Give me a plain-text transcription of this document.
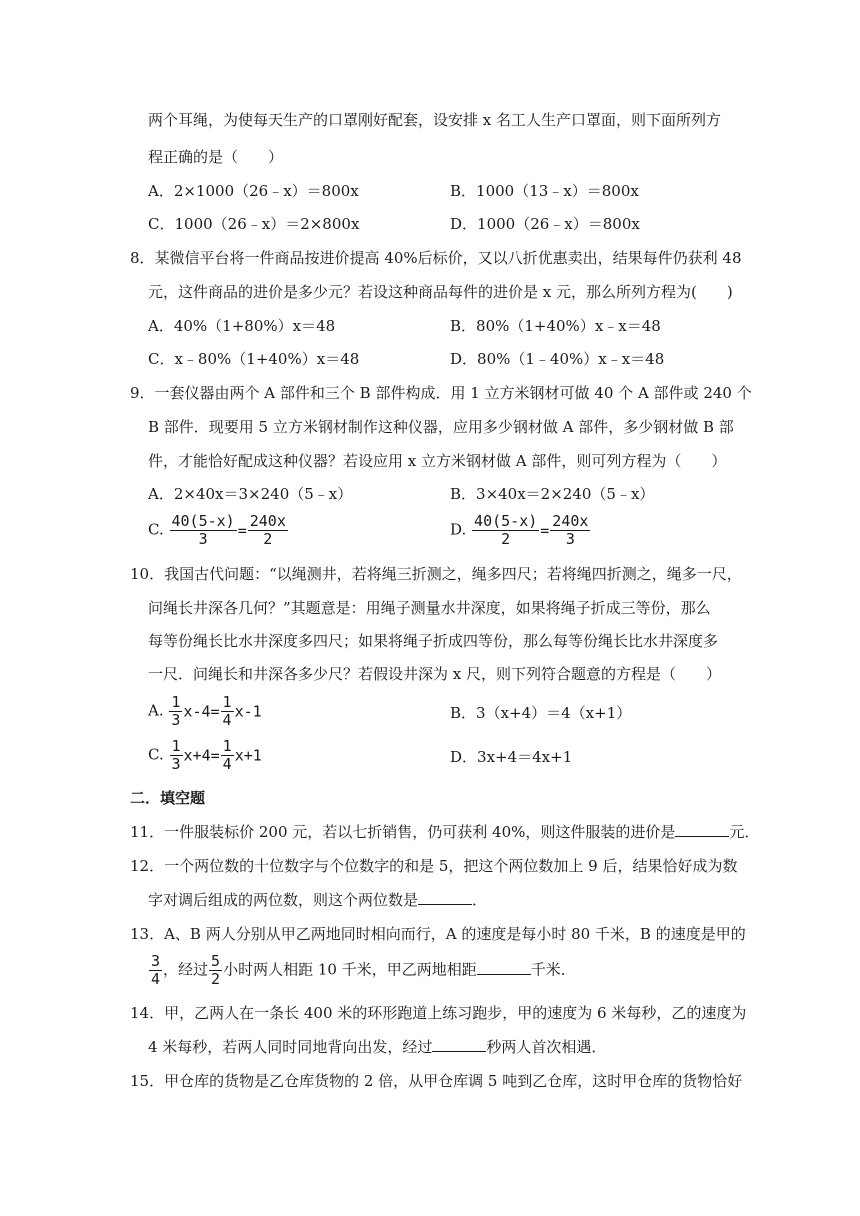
两个耳绳，为使每天生产的口罩刚好配套，设安排 x 名工人生产口罩面，则下面所列方
程正确的是（　　）
A．2×1000（26﹣x）＝800x	B．1000（13﹣x）＝800x
C．1000（26﹣x）＝2×800x	D．1000（26﹣x）＝800x
8．某微信平台将一件商品按进价提高 40%后标价，又以八折优惠卖出，结果每件仍获利 48
元，这件商品的进价是多少元？若设这种商品每件的进价是 x 元，那么所列方程为(　　)
A．40%（1+80%）x＝48	B．80%（1+40%）x﹣x＝48
C．x﹣80%（1+40%）x＝48	D．80%（1﹣40%）x﹣x＝48
9．一套仪器由两个 A 部件和三个 B 部件构成．用 1 立方米钢材可做 40 个 A 部件或 240 个
B 部件．现要用 5 立方米钢材制作这种仪器，应用多少钢材做 A 部件，多少钢材做 B 部
件，才能恰好配成这种仪器？若设应用 x 立方米钢材做 A 部件，则可列方程为（　　）
A．2×40x＝3×240（5﹣x）	B．3×40x＝2×240（5﹣x）
C. $\frac{40(5-x)}{3} = \frac{240x}{2}$	D. $\frac{40(5-x)}{2} = \frac{240x}{3}$
10．我国古代问题：“以绳测井，若将绳三折测之，绳多四尺；若将绳四折测之，绳多一尺，
问绳长井深各几何？”其题意是：用绳子测量水井深度，如果将绳子折成三等份，那么
每等份绳长比水井深度多四尺；如果将绳子折成四等份，那么每等份绳长比水井深度多
一尺．问绳长和井深各多少尺？若假设井深为 x 尺，则下列符合题意的方程是（　　）
A. $\frac{1}{3} x-4= \frac{1}{4} x-1$	B．3（x+4）＝4（x+1）
C. $\frac{1}{3} x+4= \frac{1}{4} x+1$	D．3x+4＝4x+1
二．填空题
11．一件服装标价 200 元，若以七折销售，仍可获利 40%，则这件服装的进价是	元．
12．一个两位数的十位数字与个位数字的和是 5，把这个两位数加上 9 后，结果恰好成为数
字对调后组成的两位数，则这个两位数是	．
13．A、B 两人分别从甲乙两地同时相向而行，A 的速度是每小时 80 千米，B 的速度是甲的
$\frac{3}{4}$ ，经过 $\frac{5}{2}$ 小时两人相距 10 千米，甲乙两地相距	千米．
14．甲，乙两人在一条长 400 米的环形跑道上练习跑步，甲的速度为 6 米每秒，乙的速度为
4 米每秒，若两人同时同地背向出发，经过	秒两人首次相遇．
15．甲仓库的货物是乙仓库货物的 2 倍，从甲仓库调 5 吨到乙仓库，这时甲仓库的货物恰好
